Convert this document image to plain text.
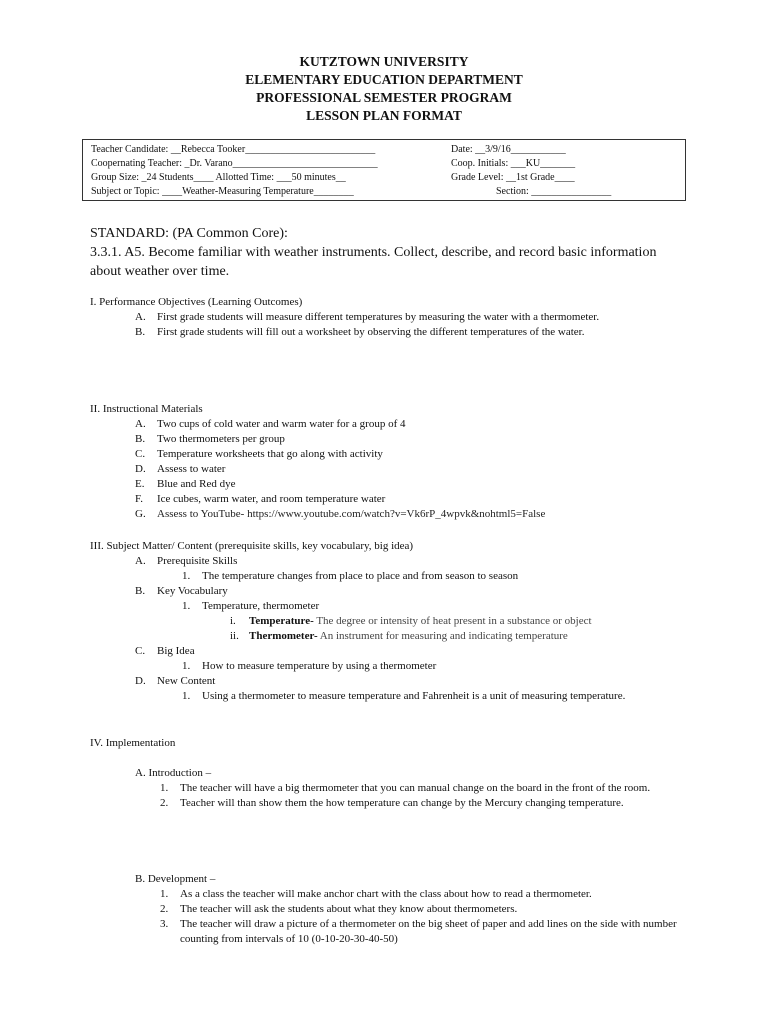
KUTZTOWN UNIVERSITY
ELEMENTARY EDUCATION DEPARTMENT
PROFESSIONAL SEMESTER PROGRAM
LESSON PLAN FORMAT
Teacher Candidate: __Rebecca Tooker__________________________
Coopernating Teacher: _Dr. Varano_____________________________
Group Size: _24 Students____ Allotted Time: ___50 minutes__
Subject or Topic: ____Weather-Measuring Temperature________
Date: __3/9/16___________
Coop. Initials: ___KU_______
Grade Level: __1st Grade____
Section: ________________
STANDARD: (PA Common Core):
3.3.1. A5. Become familiar with weather instruments. Collect, describe, and record basic information about weather over time.
I. Performance Objectives (Learning Outcomes)
A. First grade students will measure different temperatures by measuring the water with a thermometer.
B. First grade students will fill out a worksheet by observing the different temperatures of the water.
II. Instructional Materials
A. Two cups of cold water and warm water for a group of 4
B. Two thermometers per group
C. Temperature worksheets that go along with activity
D. Assess to water
E. Blue and Red dye
F. Ice cubes, warm water, and room temperature water
G. Assess to YouTube- https://www.youtube.com/watch?v=Vk6rP_4wpvk&nohtml5=False
III. Subject Matter/ Content (prerequisite skills, key vocabulary, big idea)
A. Prerequisite Skills
1. The temperature changes from place to place and from season to season
B. Key Vocabulary
1. Temperature, thermometer
i. Temperature- The degree or intensity of heat present in a substance or object
ii. Thermometer- An instrument for measuring and indicating temperature
C. Big Idea
1. How to measure temperature by using a thermometer
D. New Content
1. Using a thermometer to measure temperature and Fahrenheit is a unit of measuring temperature.
IV. Implementation
A. Introduction –
1. The teacher will have a big thermometer that you can manual change on the board in the front of the room.
2. Teacher will than show them the how temperature can change by the Mercury changing temperature.
B. Development –
1. As a class the teacher will make anchor chart with the class about how to read a thermometer.
2. The teacher will ask the students about what they know about thermometers.
3. The teacher will draw a picture of a thermometer on the big sheet of paper and add lines on the side with number counting from intervals of 10 (0-10-20-30-40-50)
